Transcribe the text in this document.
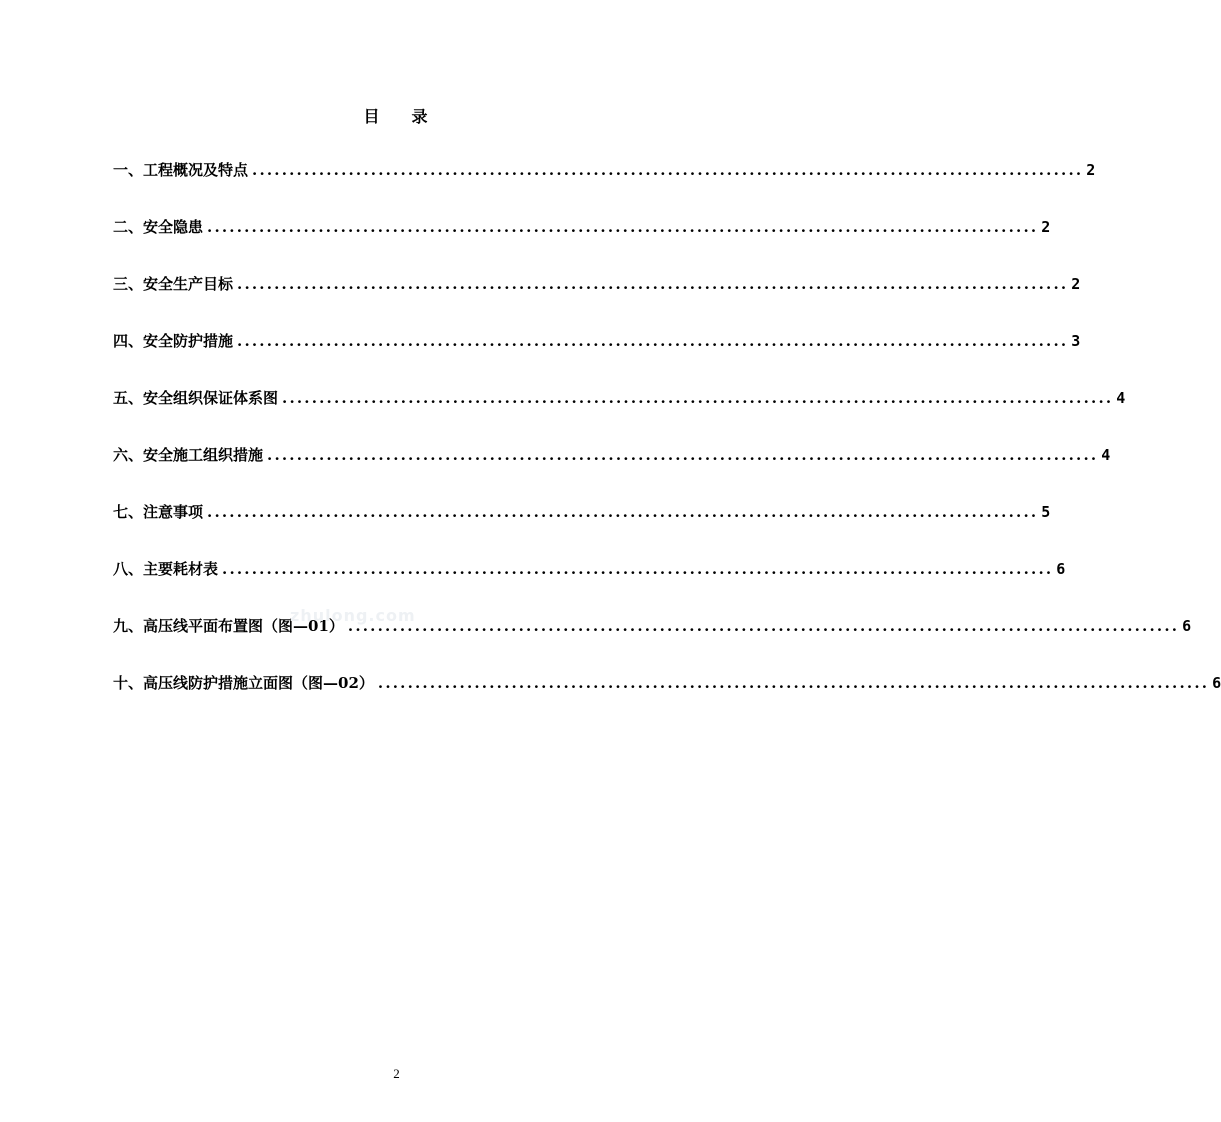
目 录
一、工程概况及特点 ................................................................................................................ 2
二、安全隐患 ................................................................................................................ 2
三、安全生产目标 ................................................................................................................ 2
四、安全防护措施 ................................................................................................................ 3
五、安全组织保证体系图 ................................................................................................................ 4
六、安全施工组织措施 ................................................................................................................ 4
七、注意事项 ................................................................................................................ 5
八、主要耗材表 ................................................................................................................ 6
九、高压线平面布置图（图—01） ................................................................................................................ 6
十、高压线防护措施立面图（图—02） ................................................................................................................ 6
zhulong.com
2
